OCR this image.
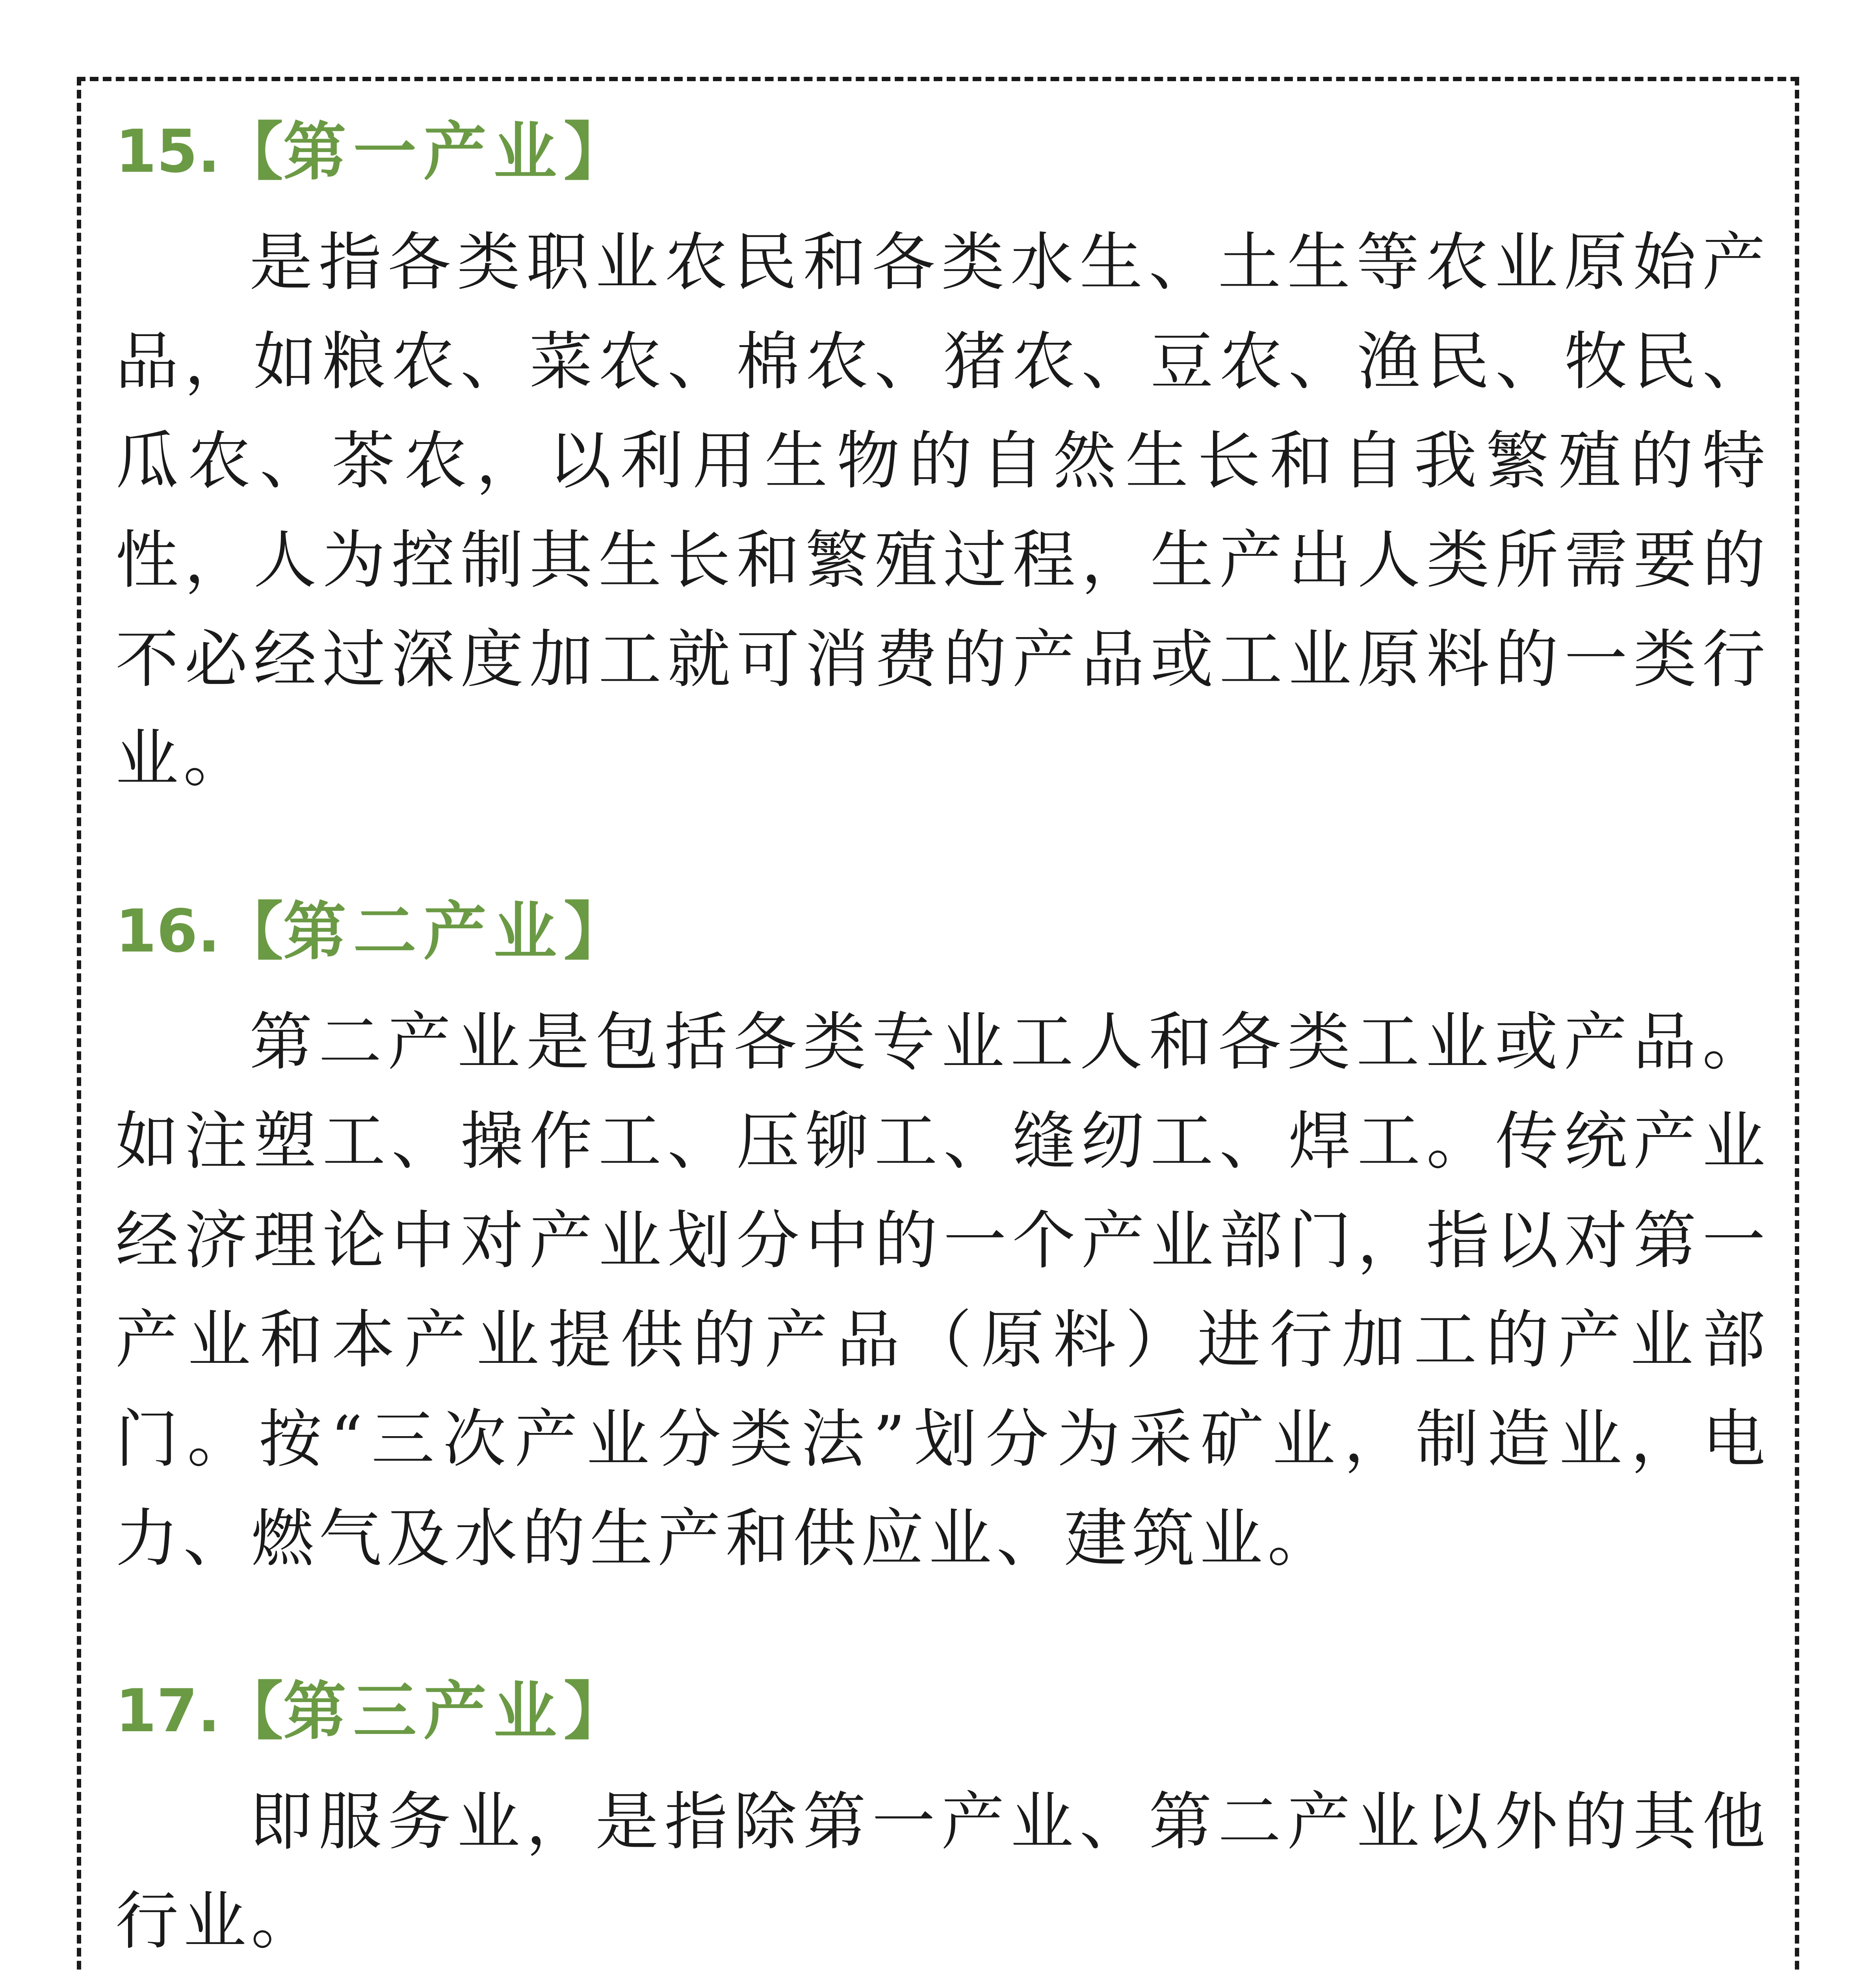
15.【第一产业】

是指各类职业农民和各类水生、土生等农业原始产品，如粮农、菜农、棉农、猪农、豆农、渔民、牧民、瓜农、茶农，以利用生物的自然生长和自我繁殖的特性，人为控制其生长和繁殖过程，生产出人类所需要的不必经过深度加工就可消费的产品或工业原料的一类行业。

16.【第二产业】

第二产业是包括各类专业工人和各类工业或产品。如注塑工、操作工、压铆工、缝纫工、焊工。传统产业经济理论中对产业划分中的一个产业部门，指以对第一产业和本产业提供的产品（原料）进行加工的产业部门。按“三次产业分类法”划分为采矿业，制造业，电力、燃气及水的生产和供应业、建筑业。

17.【第三产业】

即服务业，是指除第一产业、第二产业以外的其他行业。
